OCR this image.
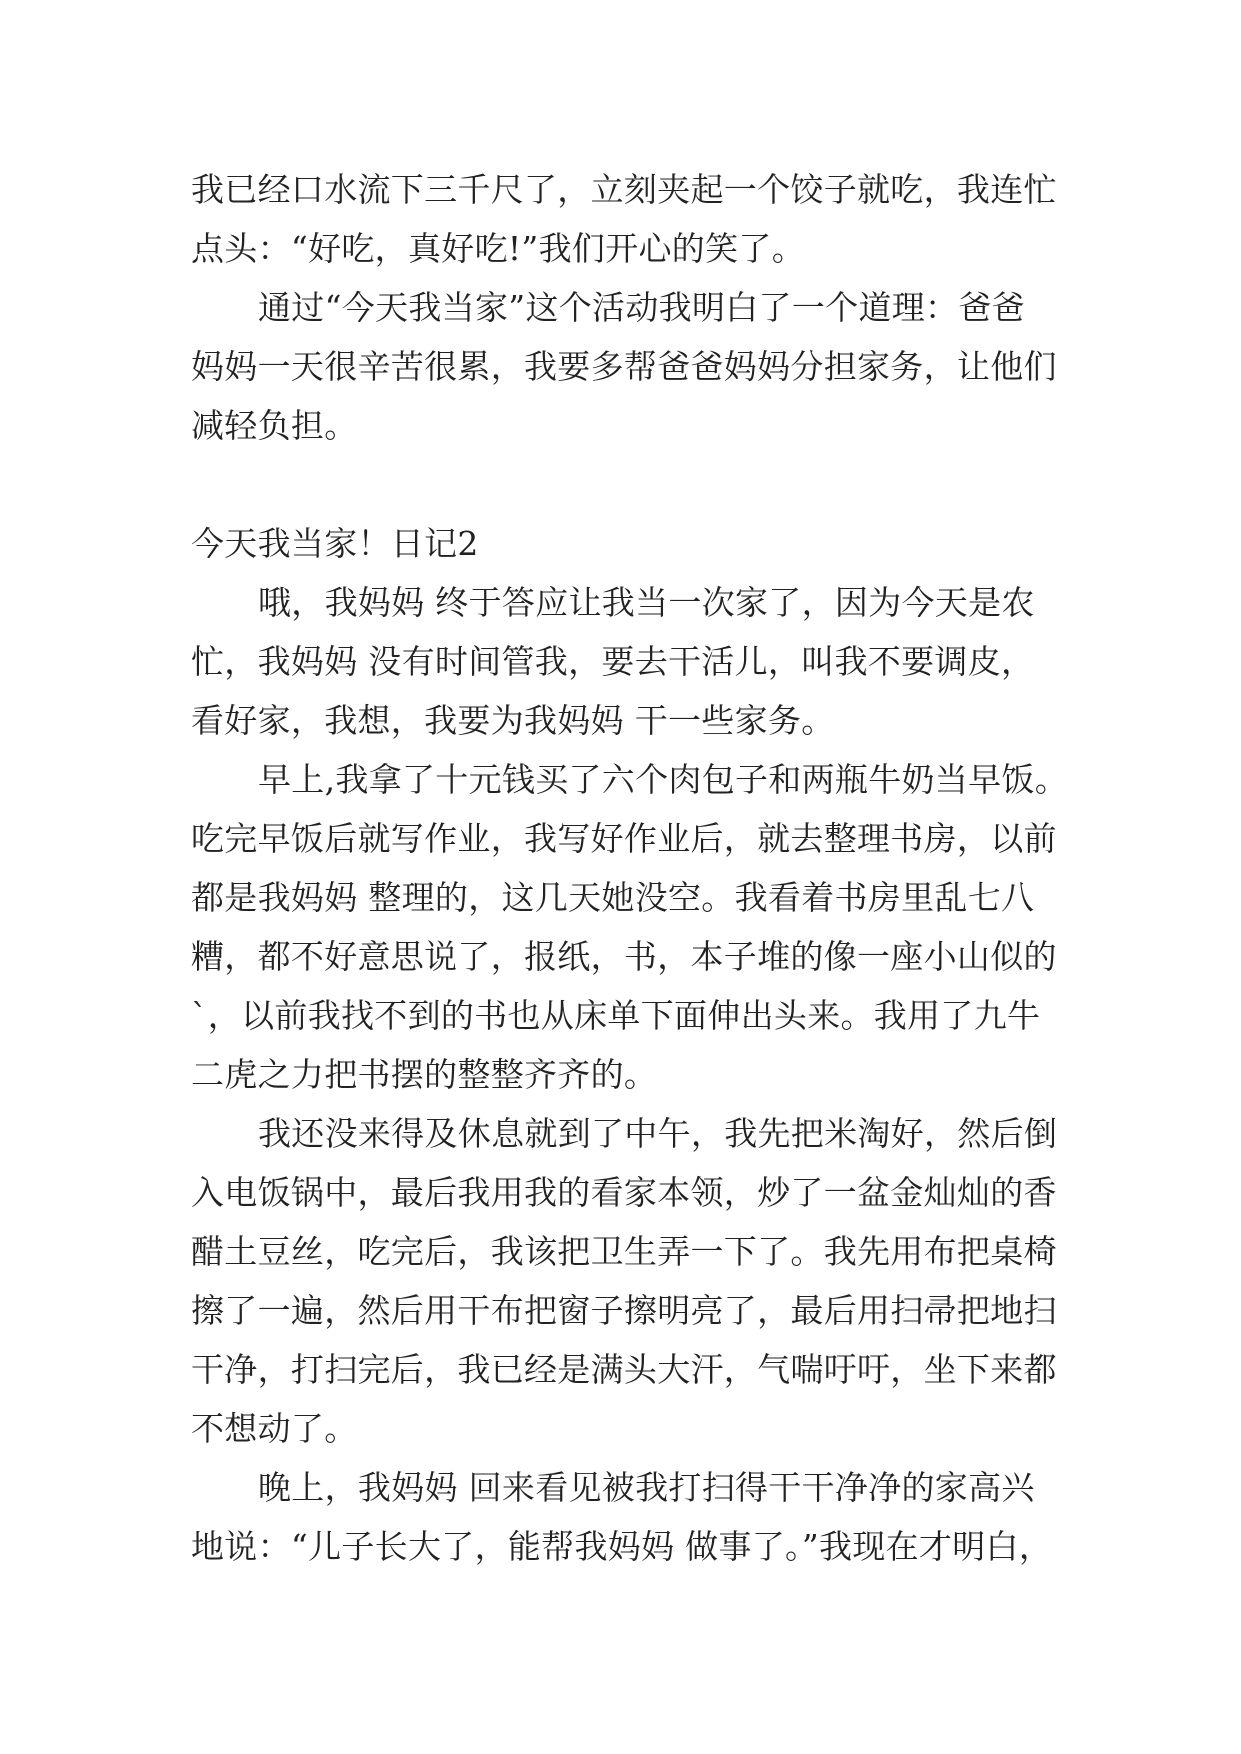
我已经口水流下三千尺了，立刻夹起一个饺子就吃，我连忙
点头：“好吃，真好吃!”我们开心的笑了。
通过“今天我当家”这个活动我明白了一个道理：爸爸
妈妈一天很辛苦很累，我要多帮爸爸妈妈分担家务，让他们
减轻负担。
今天我当家！日记2
哦，我妈妈 终于答应让我当一次家了，因为今天是农
忙，我妈妈 没有时间管我，要去干活儿，叫我不要调皮，
看好家，我想，我要为我妈妈 干一些家务。
早上,我拿了十元钱买了六个肉包子和两瓶牛奶当早饭。
吃完早饭后就写作业，我写好作业后，就去整理书房，以前
都是我妈妈 整理的，这几天她没空。我看着书房里乱七八
糟，都不好意思说了，报纸，书，本子堆的像一座小山似的
`，以前我找不到的书也从床单下面伸出头来。我用了九牛
二虎之力把书摆的整整齐齐的。
我还没来得及休息就到了中午，我先把米淘好，然后倒
入电饭锅中，最后我用我的看家本领，炒了一盆金灿灿的香
醋土豆丝，吃完后，我该把卫生弄一下了。我先用布把桌椅
擦了一遍，然后用干布把窗子擦明亮了，最后用扫帚把地扫
干净，打扫完后，我已经是满头大汗，气喘吁吁，坐下来都
不想动了。
晚上，我妈妈 回来看见被我打扫得干干净净的家高兴
地说：“儿子长大了，能帮我妈妈 做事了。”我现在才明白，
